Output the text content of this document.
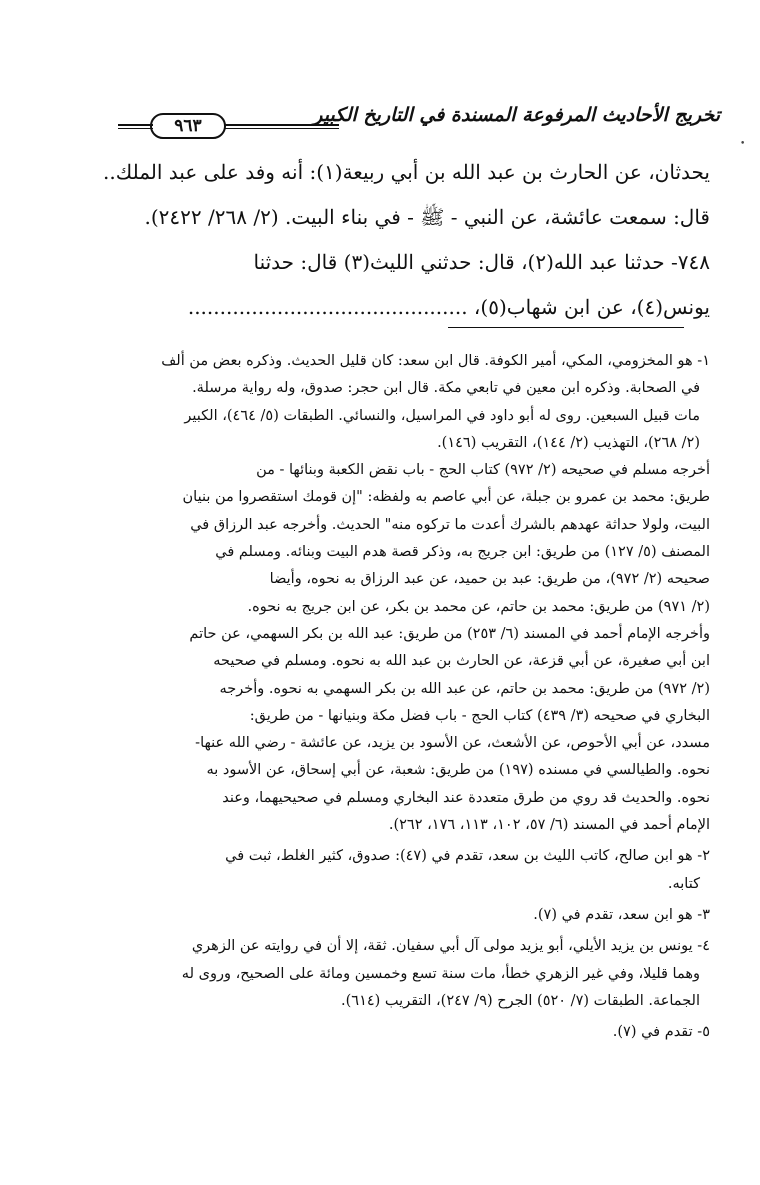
تخريج الأحاديث المرفوعة المسندة في التاريخ الكبير
٩٦٣
•

يحدثان، عن الحارث بن عبد الله بن أبي ربيعة(١): أنه وفد على عبد الملك..

قال: سمعت عائشة، عن النبي - ﷺ - في بناء البيت. (٢/ ٢٦٨/ ٢٤٢٢).

٧٤٨- حدثنا عبد الله(٢)، قال: حدثني الليث(٣) قال: حدثنا

يونس(٤)، عن ابن شهاب(٥)، ............................................

١- هو المخزومي، المكي، أمير الكوفة. قال ابن سعد: كان قليل الحديث. وذكره بعض من ألف
في الصحابة. وذكره ابن معين في تابعي مكة. قال ابن حجر: صدوق، وله رواية مرسلة.
مات قبيل السبعين. روى له أبو داود في المراسيل، والنسائي. الطبقات (٥/ ٤٦٤)، الكبير
(٢/ ٢٦٨)، التهذيب (٢/ ١٤٤)، التقريب (١٤٦).
أخرجه مسلم في صحيحه (٢/ ٩٧٢) كتاب الحج - باب نقض الكعبة وبنائها - من
طريق: محمد بن عمرو بن جبلة، عن أبي عاصم به ولفظه: "إن قومك استقصروا من بنيان
البيت، ولولا حداثة عهدهم بالشرك أعدت ما تركوه منه" الحديث. وأخرجه عبد الرزاق في
المصنف (٥/ ١٢٧) من طريق: ابن جريج به، وذكر قصة هدم البيت وبنائه. ومسلم في
صحيحه (٢/ ٩٧٢)، من طريق: عبد بن حميد، عن عبد الرزاق به نحوه، وأيضا
(٢/ ٩٧١) من طريق: محمد بن حاتم، عن محمد بن بكر، عن ابن جريج به نحوه.
وأخرجه الإمام أحمد في المسند (٦/ ٢٥٣) من طريق: عبد الله بن بكر السهمي، عن حاتم
ابن أبي صغيرة، عن أبي قزعة، عن الحارث بن عبد الله به نحوه. ومسلم في صحيحه
(٢/ ٩٧٢) من طريق: محمد بن حاتم، عن عبد الله بن بكر السهمي به نحوه. وأخرجه
البخاري في صحيحه (٣/ ٤٣٩) كتاب الحج - باب فضل مكة وبنيانها - من طريق:
مسدد، عن أبي الأحوص، عن الأشعث، عن الأسود بن يزيد، عن عائشة - رضي الله عنها-
نحوه. والطيالسي في مسنده (١٩٧) من طريق: شعبة، عن أبي إسحاق، عن الأسود به
نحوه. والحديث قد روي من طرق متعددة عند البخاري ومسلم في صحيحيهما، وعند
الإمام أحمد في المسند (٦/ ٥٧، ١٠٢، ١١٣، ١٧٦، ٢٦٢).
٢- هو ابن صالح، كاتب الليث بن سعد، تقدم في (٤٧): صدوق، كثير الغلط، ثبت في
كتابه.
٣- هو ابن سعد، تقدم في (٧).
٤- يونس بن يزيد الأيلي، أبو يزيد مولى آل أبي سفيان. ثقة، إلا أن في روايته عن الزهري
وهما قليلا، وفي غير الزهري خطأ، مات سنة تسع وخمسين ومائة على الصحيح، وروى له
الجماعة. الطبقات (٧/ ٥٢٠) الجرح (٩/ ٢٤٧)، التقريب (٦١٤).
٥- تقدم في (٧).
